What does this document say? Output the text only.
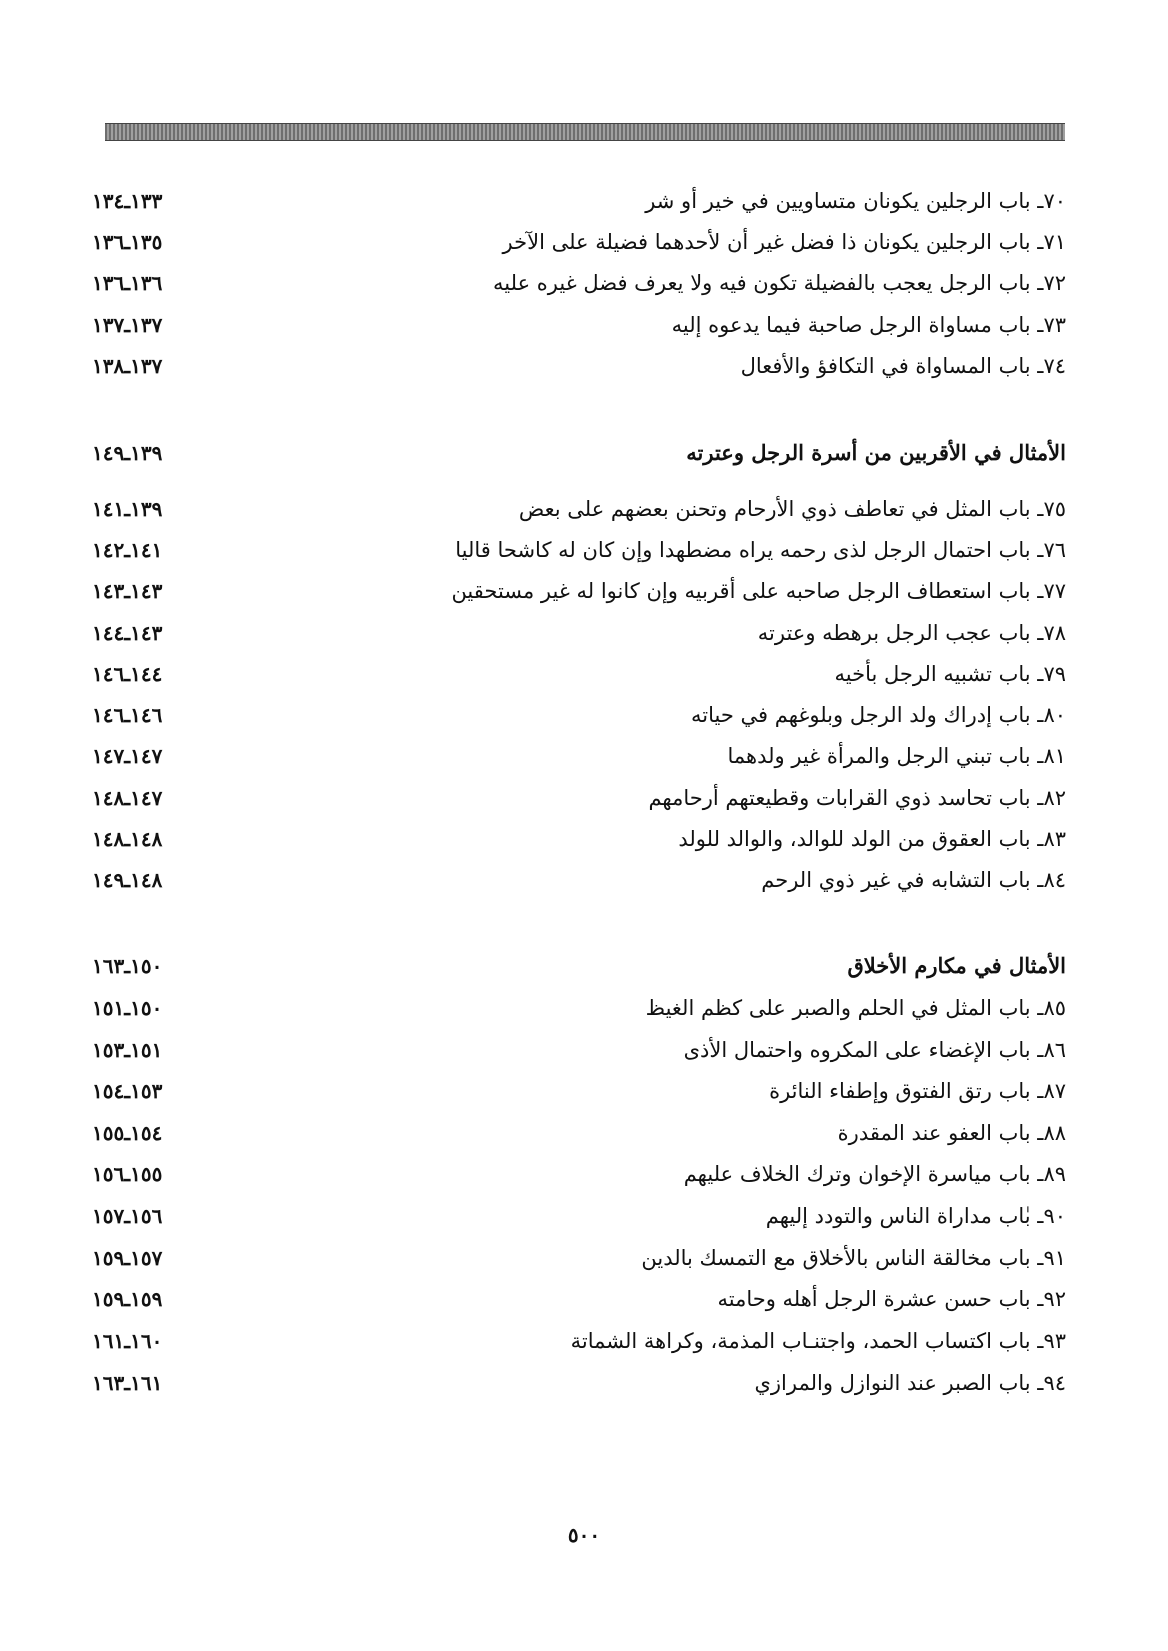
٧٠ـ باب الرجلين يكونان متساويين في خير أو شر
١٣٣ـ١٣٤
٧١ـ باب الرجلين يكونان ذا فضل غير أن لأحدهما فضيلة على الآخر
١٣٥ـ١٣٦
٧٢ـ باب الرجل يعجب بالفضيلة تكون فيه ولا يعرف فضل غيره عليه
١٣٦ـ١٣٦
٧٣ـ باب مساواة الرجل صاحبة فيما يدعوه إليه
١٣٧ـ١٣٧
٧٤ـ باب المساواة في التكافؤ والأفعال
١٣٧ـ١٣٨
الأمثال في الأقربين من أسرة الرجل وعترته
١٣٩ـ١٤٩
٧٥ـ باب المثل في تعاطف ذوي الأرحام وتحنن بعضهم على بعض
١٣٩ـ١٤١
٧٦ـ باب احتمال الرجل لذى رحمه يراه مضطهدا وإن كان له كاشحا قاليا
١٤١ـ١٤٢
٧٧ـ باب استعطاف الرجل صاحبه على أقربيه وإن كانوا له غير مستحقين
١٤٣ـ١٤٣
٧٨ـ باب عجب الرجل برهطه وعترته
١٤٣ـ١٤٤
٧٩ـ باب تشبيه الرجل بأخيه
١٤٤ـ١٤٦
٨٠ـ باب إدراك ولد الرجل وبلوغهم في حياته
١٤٦ـ١٤٦
٨١ـ باب تبني الرجل والمرأة غير ولدهما
١٤٧ـ١٤٧
٨٢ـ باب تحاسد ذوي القرابات وقطيعتهم أرحامهم
١٤٧ـ١٤٨
٨٣ـ باب العقوق من الولد للوالد، والوالد للولد
١٤٨ـ١٤٨
٨٤ـ باب التشابه في غير ذوي الرحم
١٤٨ـ١٤٩
الأمثال في مكارم الأخلاق
١٥٠ـ١٦٣
٨٥ـ باب المثل في الحلم والصبر على كظم الغيظ
١٥٠ـ١٥١
٨٦ـ باب الإغضاء على المكروه واحتمال الأذى
١٥١ـ١٥٣
٨٧ـ باب رتق الفتوق وإطفاء النائرة
١٥٣ـ١٥٤
٨٨ـ باب العفو عند المقدرة
١٥٤ـ١٥٥
٨٩ـ باب مياسرة الإخوان وترك الخلاف عليهم
١٥٥ـ١٥٦
٩٠ـ بٰاب مداراة الناس والتودد إليهم
١٥٦ـ١٥٧
٩١ـ باب مخالقة الناس بالأخلاق مع التمسك بالدين
١٥٧ـ١٥٩
٩٢ـ باب حسن عشرة الرجل أهله وحامته
١٥٩ـ١٥٩
٩٣ـ باب اكتساب الحمد، واجتنـاب المذمة، وكراهة الشماتة
١٦٠ـ١٦١
٩٤ـ باب الصبر عند النوازل والمرازي
١٦١ـ١٦٣
٥٠٠
